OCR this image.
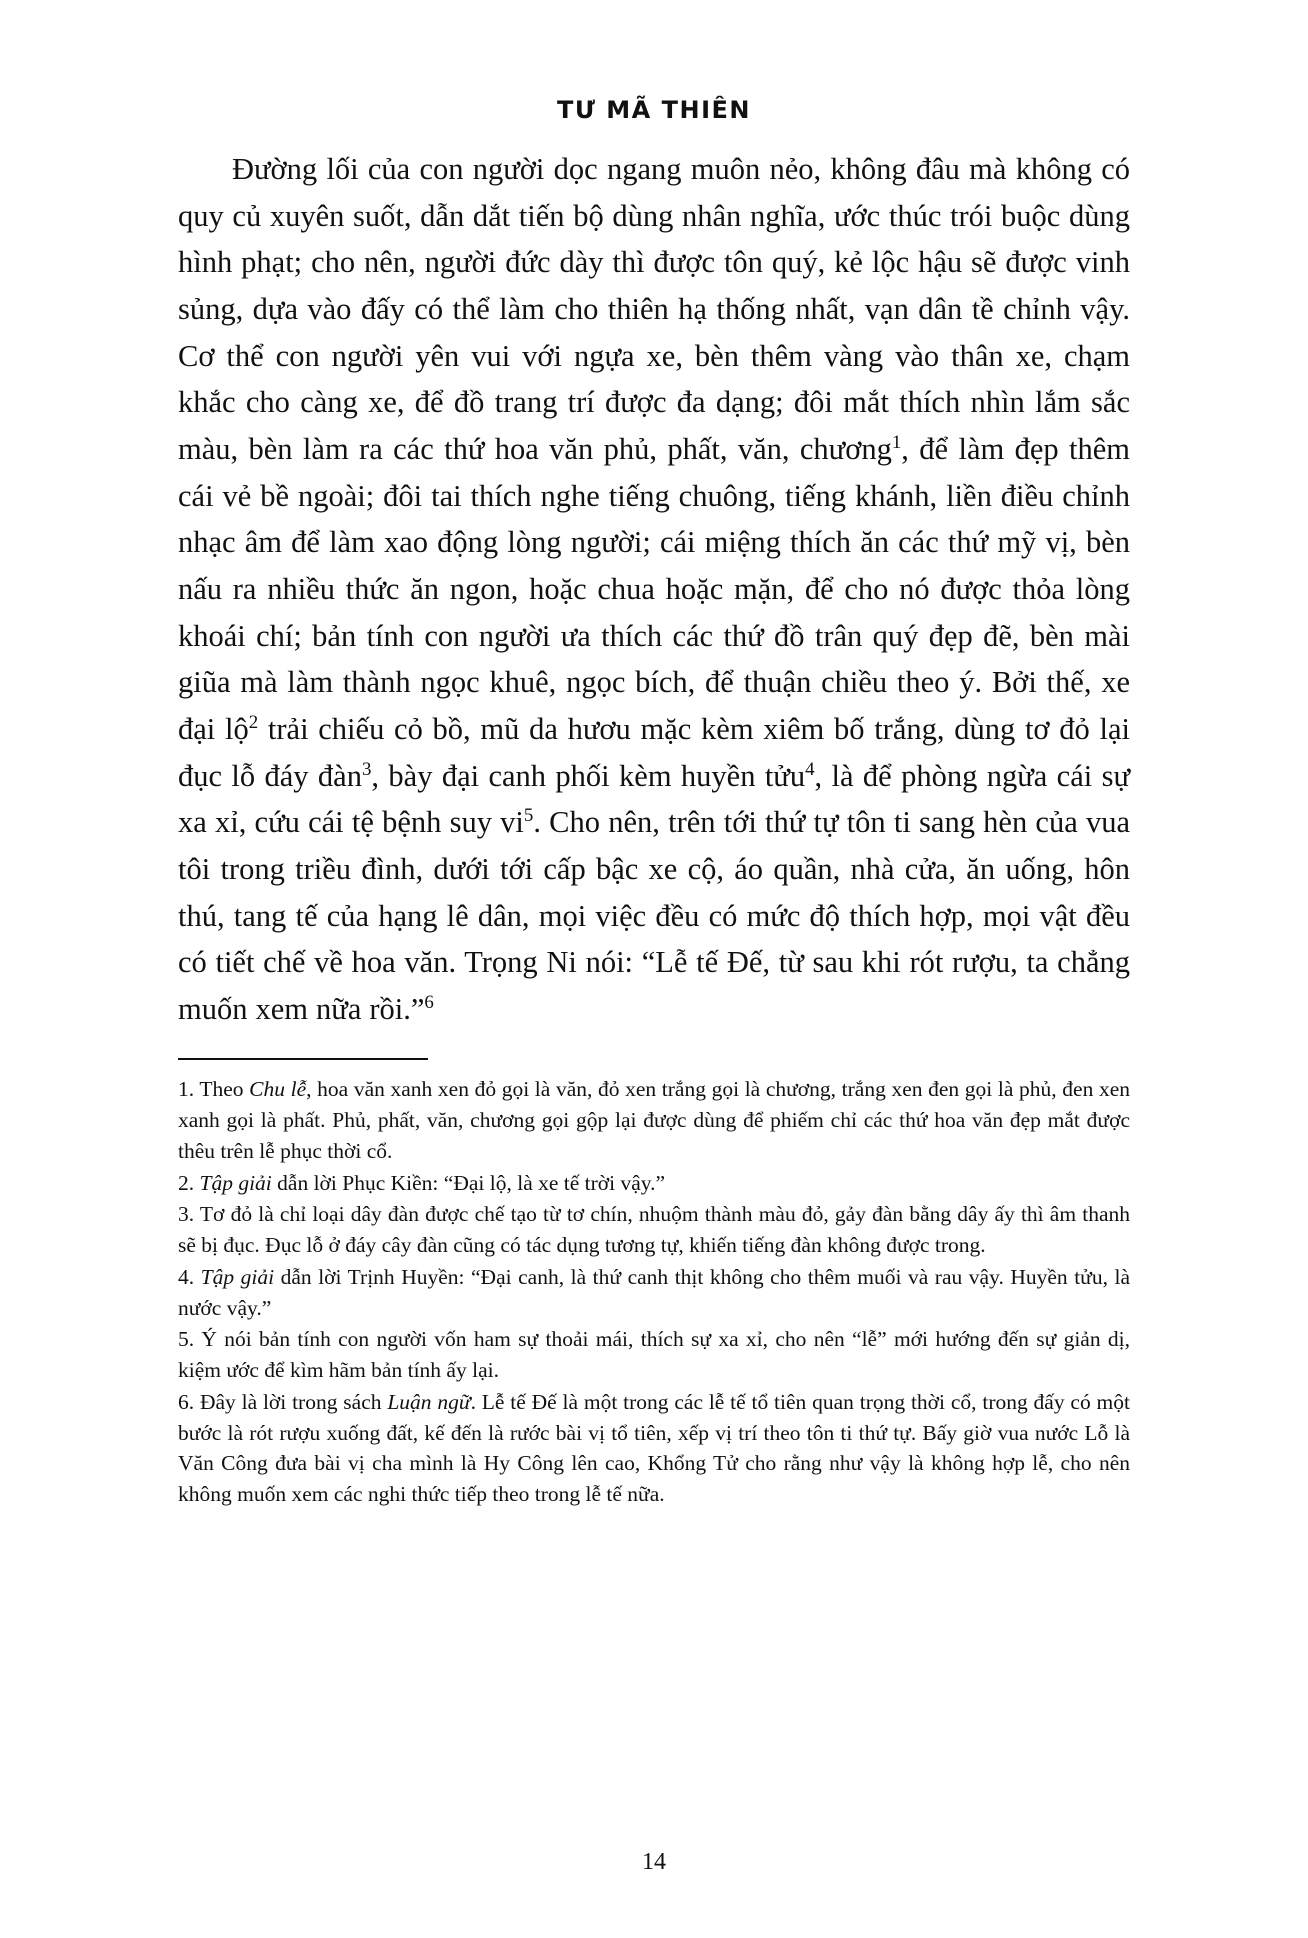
TƯ MÃ THIÊN

Đường lối của con người dọc ngang muôn nẻo, không đâu mà không có quy củ xuyên suốt, dẫn dắt tiến bộ dùng nhân nghĩa, ước thúc trói buộc dùng hình phạt; cho nên, người đức dày thì được tôn quý, kẻ lộc hậu sẽ được vinh sủng, dựa vào đấy có thể làm cho thiên hạ thống nhất, vạn dân tề chỉnh vậy. Cơ thể con người yên vui với ngựa xe, bèn thêm vàng vào thân xe, chạm khắc cho càng xe, để đồ trang trí được đa dạng; đôi mắt thích nhìn lắm sắc màu, bèn làm ra các thứ hoa văn phủ, phất, văn, chương$^1$, để làm đẹp thêm cái vẻ bề ngoài; đôi tai thích nghe tiếng chuông, tiếng khánh, liền điều chỉnh nhạc âm để làm xao động lòng người; cái miệng thích ăn các thứ mỹ vị, bèn nấu ra nhiều thức ăn ngon, hoặc chua hoặc mặn, để cho nó được thỏa lòng khoái chí; bản tính con người ưa thích các thứ đồ trân quý đẹp đẽ, bèn mài giũa mà làm thành ngọc khuê, ngọc bích, để thuận chiều theo ý. Bởi thế, xe đại lộ$^2$ trải chiếu cỏ bồ, mũ da hươu mặc kèm xiêm bố trắng, dùng tơ đỏ lại đục lỗ đáy đàn$^3$, bày đại canh phối kèm huyền tửu$^4$, là để phòng ngừa cái sự xa xỉ, cứu cái tệ bệnh suy $vi^5$. Cho nên, trên tới thứ tự tôn ti sang hèn của vua tôi trong triều đình, dưới tới cấp bậc xe cộ, áo quần, nhà cửa, ăn uống, hôn thú, tang tế của hạng lê dân, mọi việc đều có mức độ thích hợp, mọi vật đều có tiết chế về hoa văn. Trọng Ni nói: “Lễ tế Đế, từ sau khi rót rượu, ta chẳng muốn xem nữa rồi.”$^6$

1. Theo Chu lễ, hoa văn xanh xen đỏ gọi là văn, đỏ xen trắng gọi là chương, trắng xen đen gọi là phủ, đen xen xanh gọi là phất. Phủ, phất, văn, chương gọi gộp lại được dùng để phiếm chỉ các thứ hoa văn đẹp mắt được thêu trên lễ phục thời cổ.

2. Tập giải dẫn lời Phục Kiền: “Đại lộ, là xe tế trời vậy.”

3. Tơ đỏ là chỉ loại dây đàn được chế tạo từ tơ chín, nhuộm thành màu đỏ, gảy đàn bằng dây ấy thì âm thanh sẽ bị đục. Đục lỗ ở đáy cây đàn cũng có tác dụng tương tự, khiến tiếng đàn không được trong.

4. Tập giải dẫn lời Trịnh Huyền: “Đại canh, là thứ canh thịt không cho thêm muối và rau vậy. Huyền tửu, là nước vậy.”

5. Ý nói bản tính con người vốn ham sự thoải mái, thích sự xa xỉ, cho nên “lễ” mới hướng đến sự giản dị, kiệm ước để kìm hãm bản tính ấy lại.

6. Đây là lời trong sách Luận ngữ. Lễ tế Đế là một trong các lễ tế tổ tiên quan trọng thời cổ, trong đấy có một bước là rót rượu xuống đất, kế đến là rước bài vị tổ tiên, xếp vị trí theo tôn ti thứ tự. Bấy giờ vua nước Lỗ là Văn Công đưa bài vị cha mình là Hy Công lên cao, Khổng Tử cho rằng như vậy là không hợp lễ, cho nên không muốn xem các nghi thức tiếp theo trong lễ tế nữa.

14
